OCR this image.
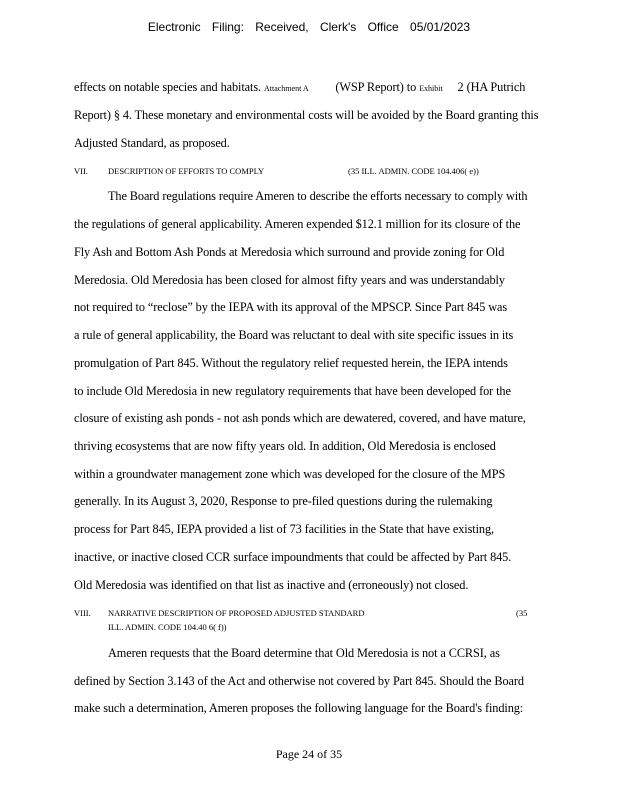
Electronic Filing: Received, Clerk's Office 05/01/2023
effects on notable species and habitats. Attachment A (WSP Report) to Exhibit 2 (HA Putrich
Report) § 4. These monetary and environmental costs will be avoided by the Board granting this
Adjusted Standard, as proposed.
VII. DESCRIPTION OF EFFORTS TO COMPLY	(35 ILL. ADMIN. CODE 104.406( e))
The Board regulations require Ameren to describe the efforts necessary to comply with
the regulations of general applicability. Ameren expended $12.1 million for its closure of the
Fly Ash and Bottom Ash Ponds at Meredosia which surround and provide zoning for Old
Meredosia. Old Meredosia has been closed for almost fifty years and was understandably
not required to “reclose” by the IEPA with its approval of the MPSCP. Since Part 845 was
a rule of general applicability, the Board was reluctant to deal with site specific issues in its
promulgation of Part 845. Without the regulatory relief requested herein, the IEPA intends
to include Old Meredosia in new regulatory requirements that have been developed for the
closure of existing ash ponds - not ash ponds which are dewatered, covered, and have mature,
thriving ecosystems that are now fifty years old. In addition, Old Meredosia is enclosed
within a groundwater management zone which was developed for the closure of the MPS
generally. In its August 3, 2020, Response to pre-filed questions during the rulemaking
process for Part 845, IEPA provided a list of 73 facilities in the State that have existing,
inactive, or inactive closed CCR surface impoundments that could be affected by Part 845.
Old Meredosia was identified on that list as inactive and (erroneously) not closed.
VIII. NARRATIVE DESCRIPTION OF PROPOSED ADJUSTED STANDARD	(35
ILL. ADMIN. CODE 104.40 6( f))
Ameren requests that the Board determine that Old Meredosia is not a CCRSI, as
defined by Section 3.143 of the Act and otherwise not covered by Part 845. Should the Board
make such a determination, Ameren proposes the following language for the Board's finding:
Page 24 of 35
